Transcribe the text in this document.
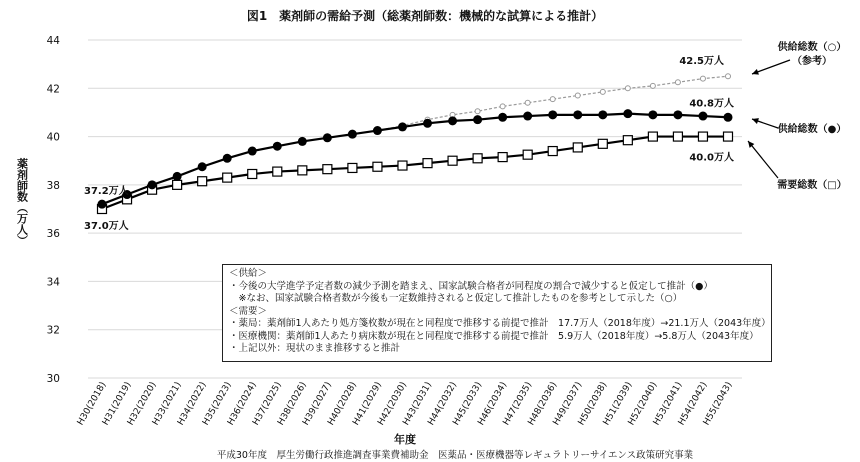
図1　薬剤師の需給予測（総薬剤師数：機械的な試算による推計）
30
32
34
36
38
40
42
44
H30(2018)
H31(2019)
H32(2020)
H33(2021)
H34(2022)
H35(2023)
H36(2024)
H37(2025)
H38(2026)
H39(2027)
H40(2028)
H41(2029)
H42(2030)
H43(2031)
H44(2032)
H45(2033)
H46(2034)
H47(2035)
H48(2036)
H49(2037)
H50(2038)
H51(2039)
H52(2040)
H53(2041)
H54(2042)
H55(2043)
37.2万人
37.0万人
42.5万人
40.8万人
40.0万人
供給総数（○）
（参考）
供給総数（●）
需要総数（□）
薬剤師数（万人）
年度
平成30年度　厚生労働行政推進調査事業費補助金　医薬品・医療機器等レギュラトリーサイエンス政策研究事業
＜供給＞
・今後の大学進学予定者数の減少予測を踏まえ、国家試験合格者が同程度の割合で減少すると仮定して推計（●）
　※なお、国家試験合格者数が今後も一定数維持されると仮定して推計したものを参考として示した（○）
＜需要＞
・薬局：薬剤師1人あたり処方箋枚数が現在と同程度で推移する前提で推計　17.7万人（2018年度）→21.1万人（2043年度）
・医療機関：薬剤師1人あたり病床数が現在と同程度で推移する前提で推計　5.9万人（2018年度）→5.8万人（2043年度）
・上記以外：現状のまま推移すると推計
